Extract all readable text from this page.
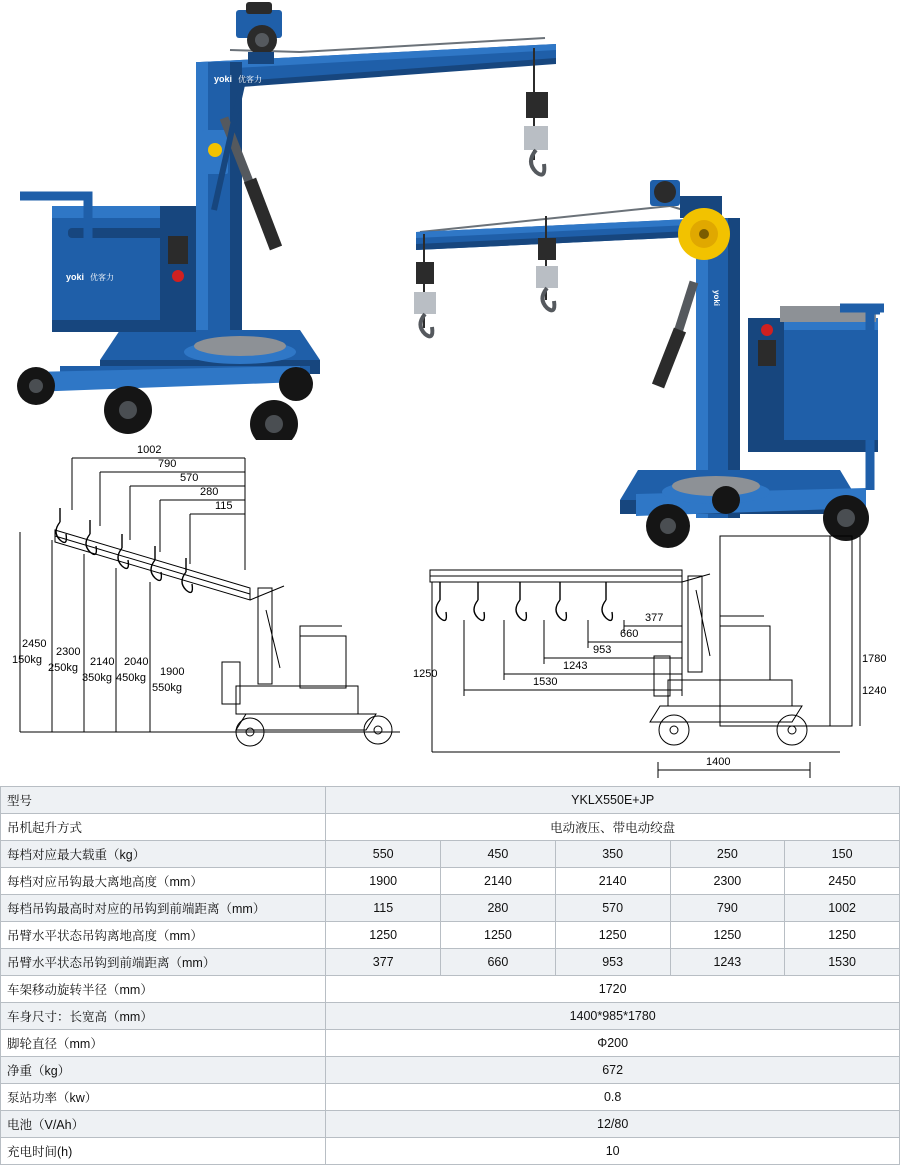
yoki 优客力
yoki 优客力
yoki
1002
790
570
280
115
2450
150kg
2300
250kg 2140
350kg
2040
450kg 1900
550kg
377
660
953
1243
1530
1250
1780
1240
1400
型号	YKLX550E+JP				
吊机起升方式	电动液压、带电动绞盘				
每档对应最大载重（kg）	550	450	350	250	150
每档对应吊钩最大离地高度（mm）	1900	2140	2140	2300	2450
每档吊钩最高时对应的吊钩到前端距离（mm）	115	280	570	790	1002
吊臂水平状态吊钩离地高度（mm）	1250	1250	1250	1250	1250
吊臂水平状态吊钩到前端距离（mm）	377	660	953	1243	1530
车架移动旋转半径（mm）	1720				
车身尺寸：长宽高（mm）	1400*985*1780				
脚轮直径（mm）	Φ200				
净重（kg）	672				
泵站功率（kw）	0.8				
电池（V/Ah）	12/80				
充电时间(h)	10				
